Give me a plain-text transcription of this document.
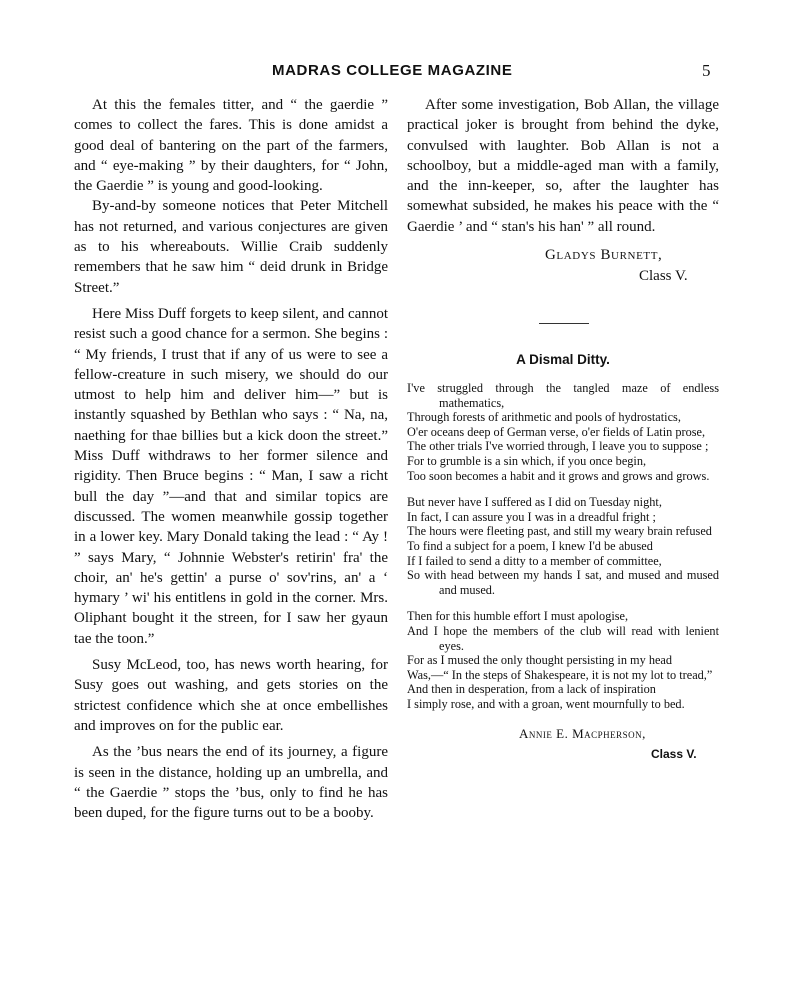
MADRAS COLLEGE MAGAZINE	5

At this the females titter, and “ the gaerdie ” comes to collect the fares. This is done amidst a good deal of bantering on the part of the farmers, and “ eye-making ” by their daughters, for “ John, the Gaerdie ” is young and good-looking.

By-and-by someone notices that Peter Mitchell has not returned, and various conjectures are given as to his whereabouts. Willie Craib suddenly remembers that he saw him “ deid drunk in Bridge Street.”

Here Miss Duff forgets to keep silent, and cannot resist such a good chance for a sermon. She begins : “ My friends, I trust that if any of us were to see a fellow-creature in such misery, we should do our utmost to help him and deliver him—” but is instantly squashed by Bethlan who says : “ Na, na, naething for thae billies but a kick doon the street.” Miss Duff withdraws to her former silence and rigidity. Then Bruce begins : “ Man, I saw a richt bull the day ”—and that and similar topics are discussed. The women meanwhile gossip together in a lower key. Mary Donald taking the lead : “ Ay ! ” says Mary, “ Johnnie Webster's retirin' fra' the choir, an' he's gettin' a purse o' sov'rins, an' a ‘ hymary ’ wi' his entitlens in gold in the corner. Mrs. Oliphant bought it the streen, for I saw her gyaun tae the toon.”

Susy McLeod, too, has news worth hearing, for Susy goes out washing, and gets stories on the strictest confidence which she at once embellishes and improves on for the public ear.

As the ’bus nears the end of its journey, a figure is seen in the distance, holding up an umbrella, and “ the Gaerdie ” stops the ’bus, only to find he has been duped, for the figure turns out to be a booby.

After some investigation, Bob Allan, the village practical joker is brought from behind the dyke, convulsed with laughter. Bob Allan is not a schoolboy, but a middle-aged man with a family, and the inn-keeper, so, after the laughter has somewhat subsided, he makes his peace with the “ Gaerdie ’ and “ stan's his han' ” all round.

Gladys Burnett,
Class V.
A Dismal Ditty.
I've struggled through the tangled maze of endless mathematics,
Through forests of arithmetic and pools of hydrostatics,
O'er oceans deep of German verse, o'er fields of Latin prose,
The other trials I've worried through, I leave you to suppose ;
For to grumble is a sin which, if you once begin,
Too soon becomes a habit and it grows and grows and grows.
But never have I suffered as I did on Tuesday night,
In fact, I can assure you I was in a dreadful fright ;
The hours were fleeting past, and still my weary brain refused
To find a subject for a poem, I knew I'd be abused
If I failed to send a ditty to a member of committee,
So with head between my hands I sat, and mused and mused and mused.
Then for this humble effort I must apologise,
And I hope the members of the club will read with lenient eyes.
For as I mused the only thought persisting in my head
Was,—“ In the steps of Shakespeare, it is not my lot to tread,”
And then in desperation, from a lack of inspiration
I simply rose, and with a groan, went mournfully to bed.
Annie E. Macpherson,
Class V.
